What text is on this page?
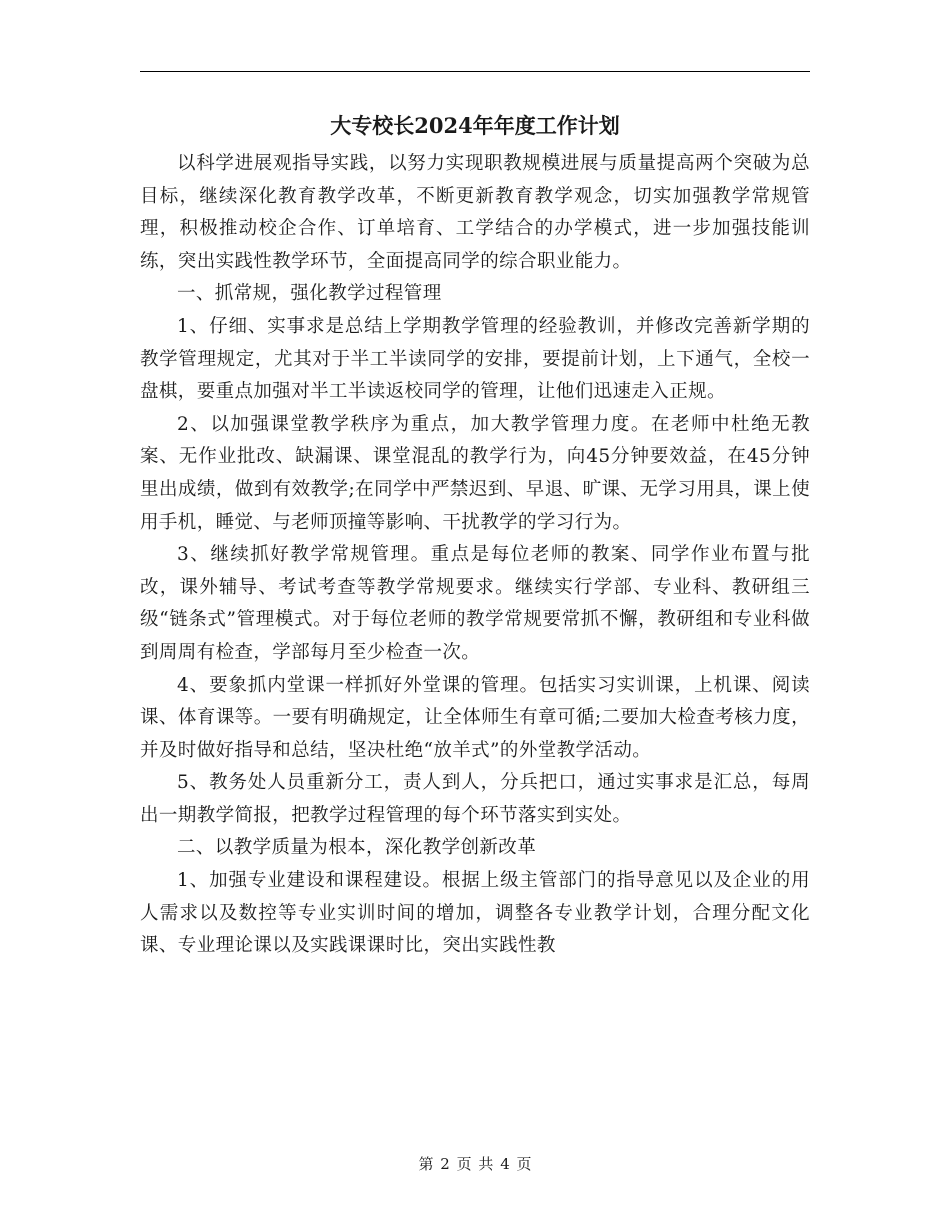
大专校长2024年年度工作计划

以科学进展观指导实践，以努力实现职教规模进展与质量提高两个突破为总目标，继续深化教育教学改革，不断更新教育教学观念，切实加强教学常规管理，积极推动校企合作、订单培育、工学结合的办学模式，进一步加强技能训练，突出实践性教学环节，全面提高同学的综合职业能力。

一、抓常规，强化教学过程管理

1、仔细、实事求是总结上学期教学管理的经验教训，并修改完善新学期的教学管理规定，尤其对于半工半读同学的安排，要提前计划，上下通气，全校一盘棋，要重点加强对半工半读返校同学的管理，让他们迅速走入正规。

2、以加强课堂教学秩序为重点，加大教学管理力度。在老师中杜绝无教案、无作业批改、缺漏课、课堂混乱的教学行为，向45分钟要效益，在45分钟里出成绩，做到有效教学;在同学中严禁迟到、早退、旷课、无学习用具，课上使用手机，睡觉、与老师顶撞等影响、干扰教学的学习行为。

3、继续抓好教学常规管理。重点是每位老师的教案、同学作业布置与批改，课外辅导、考试考查等教学常规要求。继续实行学部、专业科、教研组三级“链条式”管理模式。对于每位老师的教学常规要常抓不懈，教研组和专业科做到周周有检查，学部每月至少检查一次。

4、要象抓内堂课一样抓好外堂课的管理。包括实习实训课，上机课、阅读课、体育课等。一要有明确规定，让全体师生有章可循;二要加大检查考核力度，并及时做好指导和总结，坚决杜绝“放羊式”的外堂教学活动。

5、教务处人员重新分工，责人到人，分兵把口，通过实事求是汇总，每周出一期教学简报，把教学过程管理的每个环节落实到实处。

二、以教学质量为根本，深化教学创新改革

1、加强专业建设和课程建设。根据上级主管部门的指导意见以及企业的用人需求以及数控等专业实训时间的增加，调整各专业教学计划，合理分配文化课、专业理论课以及实践课课时比，突出实践性教

第 2 页 共 4 页
